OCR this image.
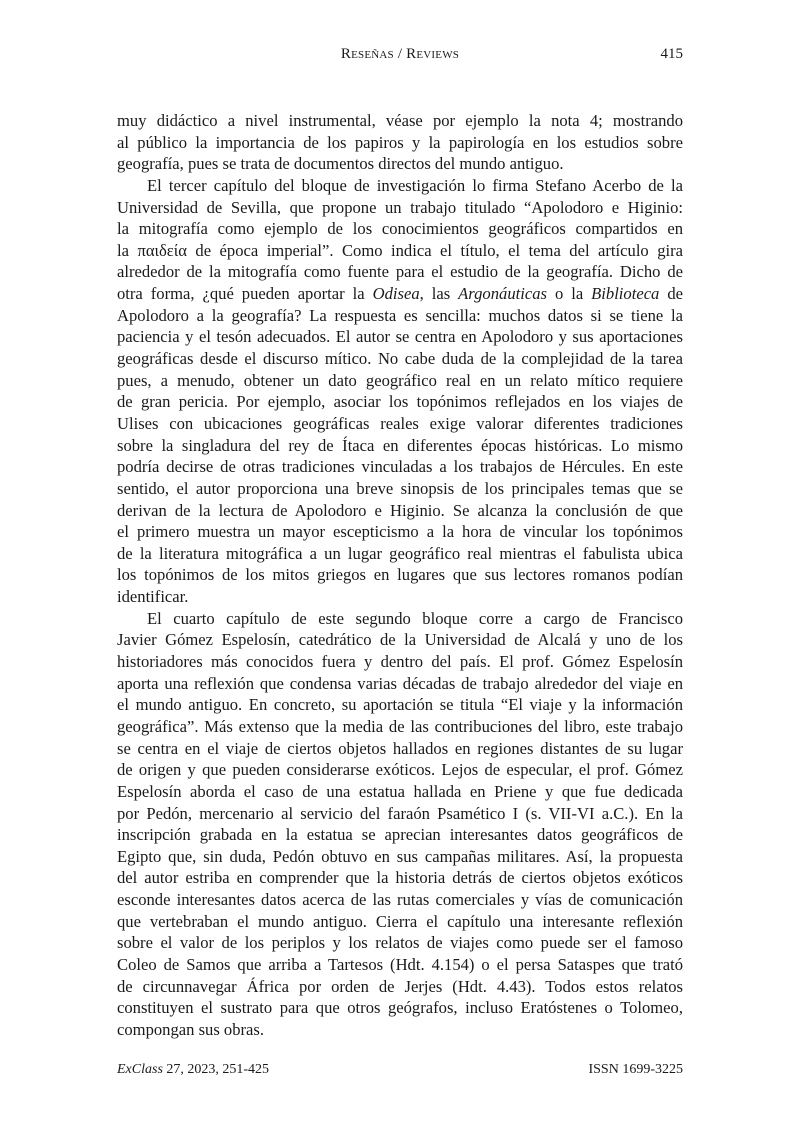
Reseñas / Reviews	415
muy didáctico a nivel instrumental, véase por ejemplo la nota 4; mostrando
al público la importancia de los papiros y la papirología en los estudios sobre
geografía, pues se trata de documentos directos del mundo antiguo.
El tercer capítulo del bloque de investigación lo firma Stefano Acerbo de la
Universidad de Sevilla, que propone un trabajo titulado “Apolodoro e Higinio:
la mitografía como ejemplo de los conocimientos geográficos compartidos en
la παιδεία de época imperial”. Como indica el título, el tema del artículo gira
alrededor de la mitografía como fuente para el estudio de la geografía. Dicho de
otra forma, ¿qué pueden aportar la Odisea, las Argonáuticas o la Biblioteca de
Apolodoro a la geografía? La respuesta es sencilla: muchos datos si se tiene la
paciencia y el tesón adecuados. El autor se centra en Apolodoro y sus aportaciones
geográficas desde el discurso mítico. No cabe duda de la complejidad de la tarea
pues, a menudo, obtener un dato geográfico real en un relato mítico requiere
de gran pericia. Por ejemplo, asociar los topónimos reflejados en los viajes de
Ulises con ubicaciones geográficas reales exige valorar diferentes tradiciones
sobre la singladura del rey de Ítaca en diferentes épocas históricas. Lo mismo
podría decirse de otras tradiciones vinculadas a los trabajos de Hércules. En este
sentido, el autor proporciona una breve sinopsis de los principales temas que se
derivan de la lectura de Apolodoro e Higinio. Se alcanza la conclusión de que
el primero muestra un mayor escepticismo a la hora de vincular los topónimos
de la literatura mitográfica a un lugar geográfico real mientras el fabulista ubica
los topónimos de los mitos griegos en lugares que sus lectores romanos podían
identificar.
El cuarto capítulo de este segundo bloque corre a cargo de Francisco
Javier Gómez Espelosín, catedrático de la Universidad de Alcalá y uno de los
historiadores más conocidos fuera y dentro del país. El prof. Gómez Espelosín
aporta una reflexión que condensa varias décadas de trabajo alrededor del viaje en
el mundo antiguo. En concreto, su aportación se titula “El viaje y la información
geográfica”. Más extenso que la media de las contribuciones del libro, este trabajo
se centra en el viaje de ciertos objetos hallados en regiones distantes de su lugar
de origen y que pueden considerarse exóticos. Lejos de especular, el prof. Gómez
Espelosín aborda el caso de una estatua hallada en Priene y que fue dedicada
por Pedón, mercenario al servicio del faraón Psamético I (s. VII-VI a.C.). En la
inscripción grabada en la estatua se aprecian interesantes datos geográficos de
Egipto que, sin duda, Pedón obtuvo en sus campañas militares. Así, la propuesta
del autor estriba en comprender que la historia detrás de ciertos objetos exóticos
esconde interesantes datos acerca de las rutas comerciales y vías de comunicación
que vertebraban el mundo antiguo. Cierra el capítulo una interesante reflexión
sobre el valor de los periplos y los relatos de viajes como puede ser el famoso
Coleo de Samos que arriba a Tartesos (Hdt. 4.154) o el persa Sataspes que trató
de circunnavegar África por orden de Jerjes (Hdt. 4.43). Todos estos relatos
constituyen el sustrato para que otros geógrafos, incluso Eratóstenes o Tolomeo,
compongan sus obras.
ExClass 27, 2023, 251-425	ISSN 1699-3225
